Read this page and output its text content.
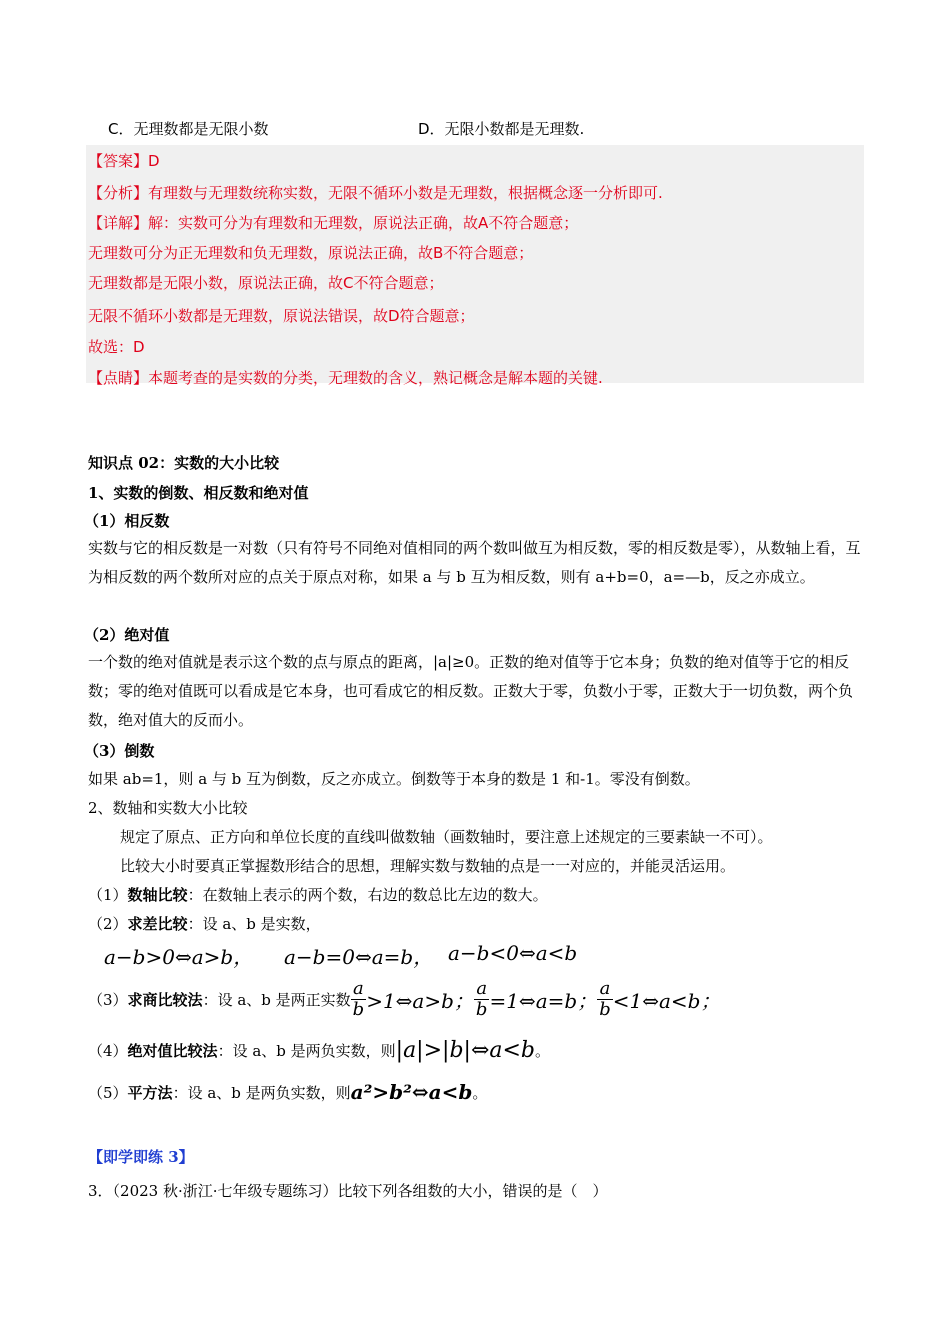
C．无理数都是无限小数	D．无限小数都是无理数.
【答案】D
【分析】有理数与无理数统称实数，无限不循环小数是无理数，根据概念逐一分析即可.
【详解】解：实数可分为有理数和无理数，原说法正确，故A不符合题意；
无理数可分为正无理数和负无理数，原说法正确，故B不符合题意；
无理数都是无限小数，原说法正确，故C不符合题意；
无限不循环小数都是无理数，原说法错误，故D符合题意；
故选：D
【点睛】本题考查的是实数的分类，无理数的含义，熟记概念是解本题的关键.
知识点 02：实数的大小比较
1、实数的倒数、相反数和绝对值
（1）相反数
实数与它的相反数是一对数（只有符号不同绝对值相同的两个数叫做互为相反数，零的相反数是零），从数轴上看，互为相反数的两个数所对应的点关于原点对称，如果 a 与 b 互为相反数，则有 a+b=0，a=—b，反之亦成立。
（2）绝对值
一个数的绝对值就是表示这个数的点与原点的距离，|a|≥0。正数的绝对值等于它本身；负数的绝对值等于它的相反数；零的绝对值既可以看成是它本身，也可看成它的相反数。正数大于零，负数小于零，正数大于一切负数，两个负数，绝对值大的反而小。
（3）倒数
如果 ab=1，则 a 与 b 互为倒数，反之亦成立。倒数等于本身的数是 1 和-1。零没有倒数。
2、数轴和实数大小比较
规定了原点、正方向和单位长度的直线叫做数轴（画数轴时，要注意上述规定的三要素缺一不可）。
比较大小时要真正掌握数形结合的思想，理解实数与数轴的点是一一对应的，并能灵活运用。
（1）数轴比较：在数轴上表示的两个数，右边的数总比左边的数大。
（2）求差比较：设 a、b 是实数，
a−b>0⇔a>b， a−b=0⇔a=b， a−b<0⇔a<b
（3） 求商比较法 ：设 a、b 是两正实数 $\frac{a}{b}$ >1⇔a>b； $\frac{a}{b}$ =1⇔a=b； $\frac{a}{b}$ <1⇔a<b；
（4） 绝对值比较法 ：设 a、b 是两负实数，则 |a|>|b|⇔a<b 。
（5） 平方法 ：设 a、b 是两负实数，则 a²>b²⇔a<b 。
【即学即练 3】
3．（2023 秋·浙江·七年级专题练习）比较下列各组数的大小，错误的是（　）
